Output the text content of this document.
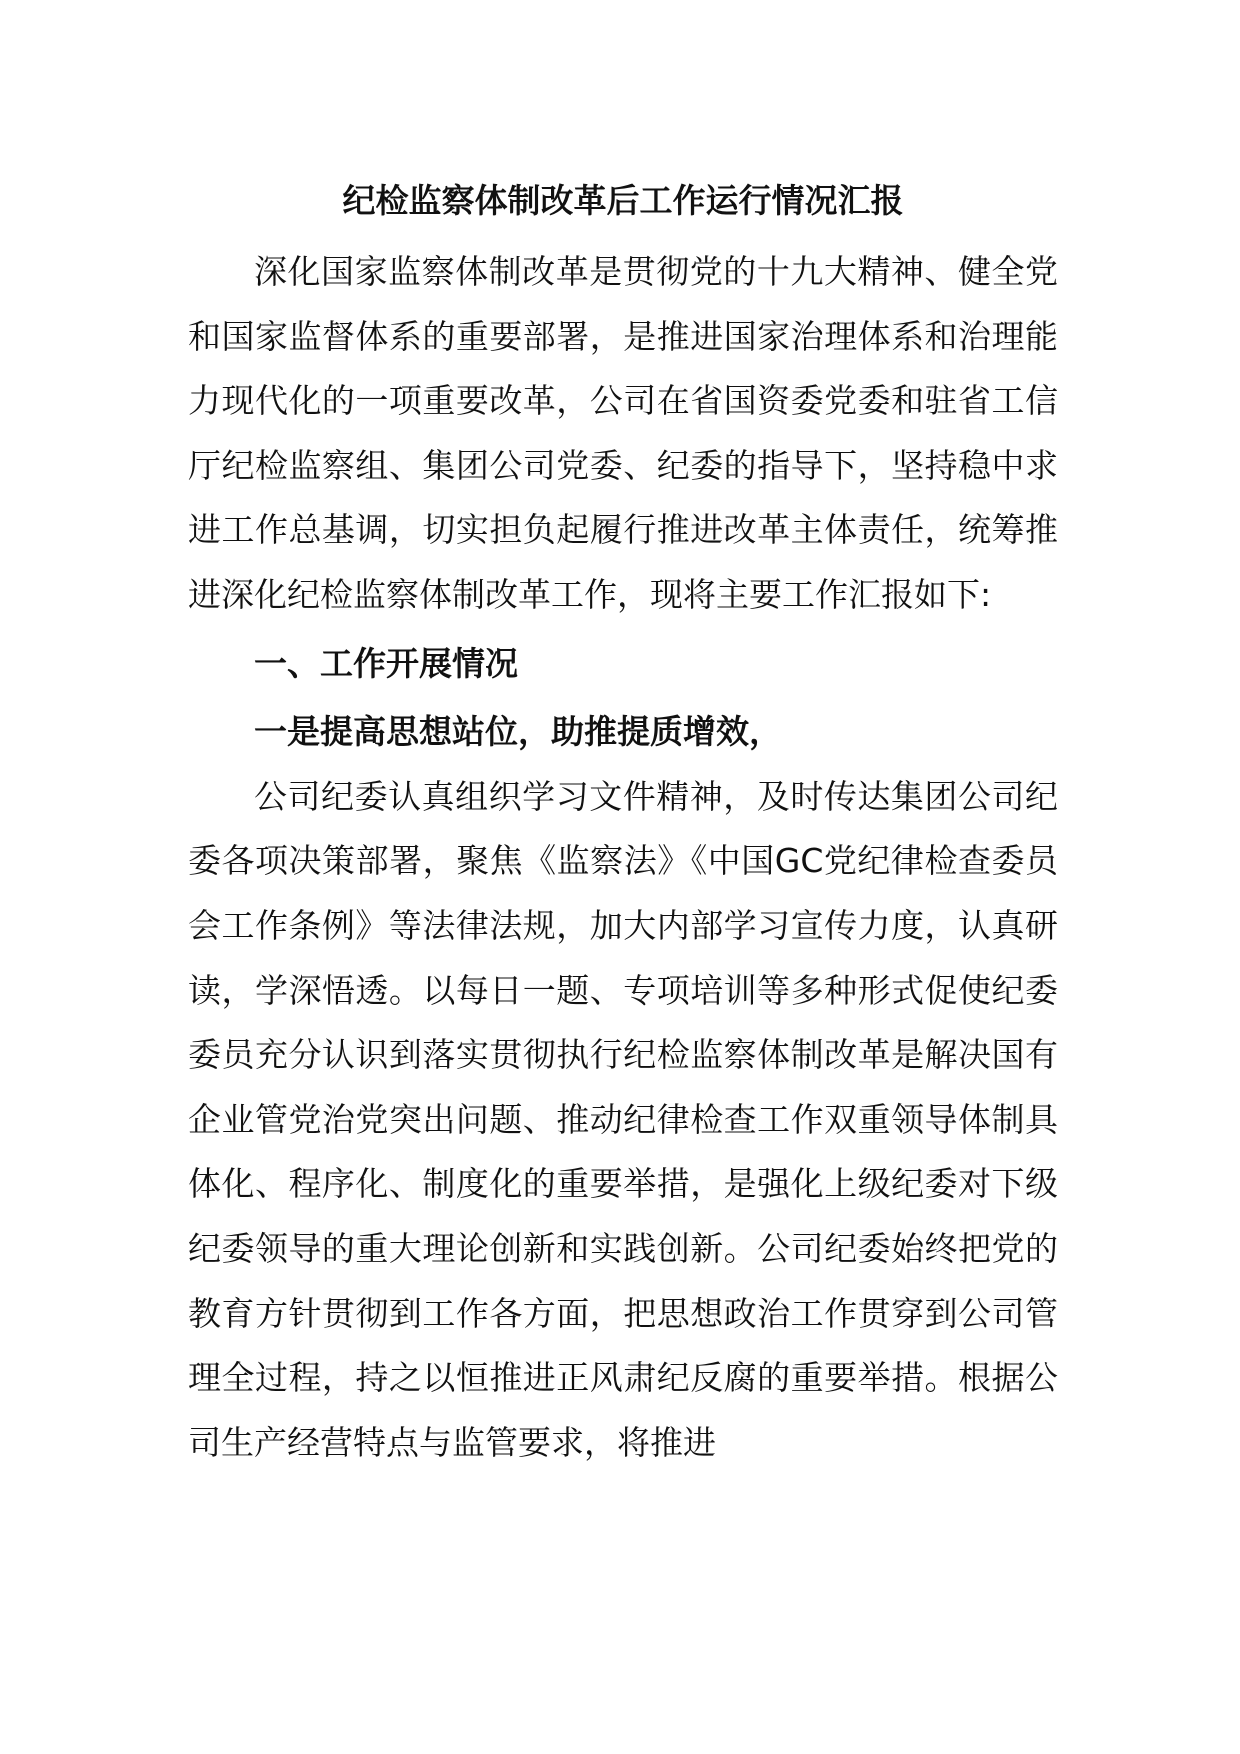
纪检监察体制改革后工作运行情况汇报

深化国家监察体制改革是贯彻党的十九大精神、健全党和国家监督体系的重要部署，是推进国家治理体系和治理能力现代化的一项重要改革，公司在省国资委党委和驻省工信厅纪检监察组、集团公司党委、纪委的指导下，坚持稳中求进工作总基调，切实担负起履行推进改革主体责任，统筹推进深化纪检监察体制改革工作，现将主要工作汇报如下:

一、工作开展情况
一是提高思想站位，助推提质增效，

公司纪委认真组织学习文件精神，及时传达集团公司纪委各项决策部署，聚焦《监察法》《中国GC党纪律检查委员会工作条例》等法律法规，加大内部学习宣传力度，认真研读，学深悟透。以每日一题、专项培训等多种形式促使纪委委员充分认识到落实贯彻执行纪检监察体制改革是解决国有企业管党治党突出问题、推动纪律检查工作双重领导体制具体化、程序化、制度化的重要举措，是强化上级纪委对下级纪委领导的重大理论创新和实践创新。公司纪委始终把党的教育方针贯彻到工作各方面，把思想政治工作贯穿到公司管理全过程，持之以恒推进正风肃纪反腐的重要举措。根据公司生产经营特点与监管要求，将推进
